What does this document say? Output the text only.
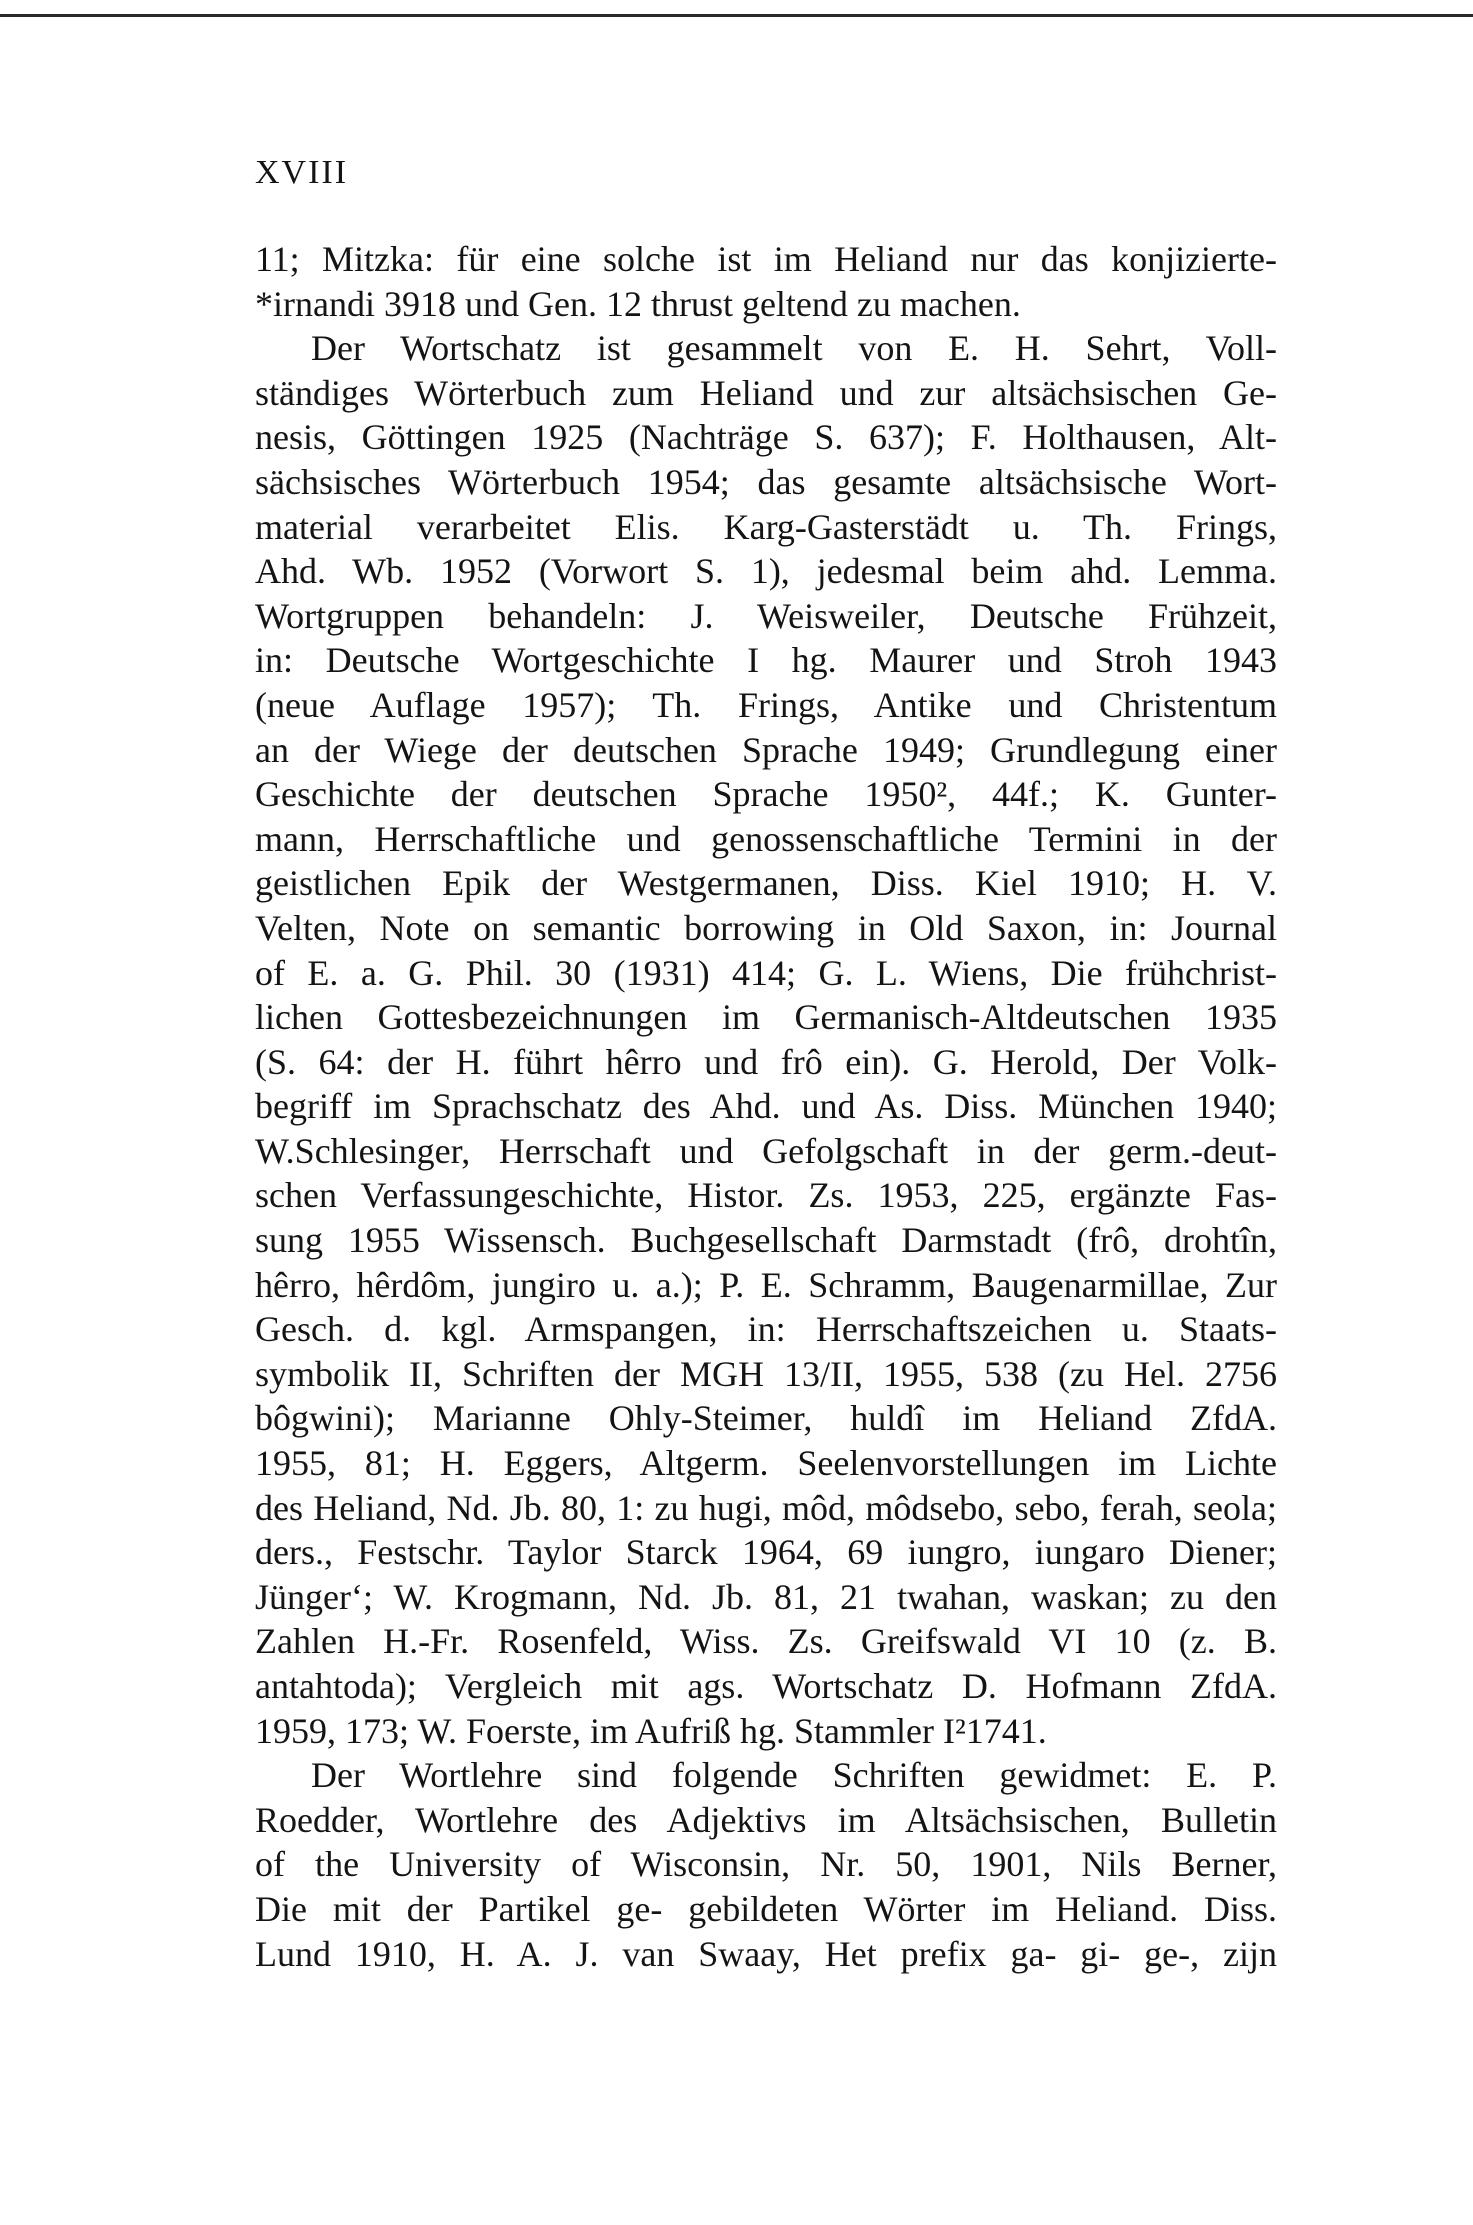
XVIII
11; Mitzka: für eine solche ist im Heliand nur das konjizierte-
*irnandi 3918 und Gen. 12 thrust geltend zu machen.
Der Wortschatz ist gesammelt von E. H. Sehrt, Voll-
ständiges Wörterbuch zum Heliand und zur altsächsischen Ge-
nesis, Göttingen 1925 (Nachträge S. 637); F. Holthausen, Alt-
sächsisches Wörterbuch 1954; das gesamte altsächsische Wort-
material verarbeitet Elis. Karg-Gasterstädt u. Th. Frings,
Ahd. Wb. 1952 (Vorwort S. 1), jedesmal beim ahd. Lemma.
Wortgruppen behandeln: J. Weisweiler, Deutsche Frühzeit,
in: Deutsche Wortgeschichte I hg. Maurer und Stroh 1943
(neue Auflage 1957); Th. Frings, Antike und Christentum
an der Wiege der deutschen Sprache 1949; Grundlegung einer
Geschichte der deutschen Sprache 1950², 44f.; K. Gunter-
mann, Herrschaftliche und genossenschaftliche Termini in der
geistlichen Epik der Westgermanen, Diss. Kiel 1910; H. V.
Velten, Note on semantic borrowing in Old Saxon, in: Journal
of E. a. G. Phil. 30 (1931) 414; G. L. Wiens, Die frühchrist-
lichen Gottesbezeichnungen im Germanisch-Altdeutschen 1935
(S. 64: der H. führt hêrro und frô ein). G. Herold, Der Volk-
begriff im Sprachschatz des Ahd. und As. Diss. München 1940;
W.Schlesinger, Herrschaft und Gefolgschaft in der germ.-deut-
schen Verfassungeschichte, Histor. Zs. 1953, 225, ergänzte Fas-
sung 1955 Wissensch. Buchgesellschaft Darmstadt (frô, drohtîn,
hêrro, hêrdôm, jungiro u. a.); P. E. Schramm, Baugenarmillae, Zur
Gesch. d. kgl. Armspangen, in: Herrschaftszeichen u. Staats-
symbolik II, Schriften der MGH 13/II, 1955, 538 (zu Hel. 2756
bôgwini); Marianne Ohly-Steimer, huldî im Heliand ZfdA.
1955, 81; H. Eggers, Altgerm. Seelenvorstellungen im Lichte
des Heliand, Nd. Jb. 80, 1: zu hugi, môd, môdsebo, sebo, ferah, seola;
ders., Festschr. Taylor Starck 1964, 69 iungro, iungaro Diener;
Jünger‘; W. Krogmann, Nd. Jb. 81, 21 twahan, waskan; zu den
Zahlen H.-Fr. Rosenfeld, Wiss. Zs. Greifswald VI 10 (z. B.
antahtoda); Vergleich mit ags. Wortschatz D. Hofmann ZfdA.
1959, 173; W. Foerste, im Aufriß hg. Stammler I²1741.
Der Wortlehre sind folgende Schriften gewidmet: E. P.
Roedder, Wortlehre des Adjektivs im Altsächsischen, Bulletin
of the University of Wisconsin, Nr. 50, 1901, Nils Berner,
Die mit der Partikel ge- gebildeten Wörter im Heliand. Diss.
Lund 1910, H. A. J. van Swaay, Het prefix ga- gi- ge-, zijn
